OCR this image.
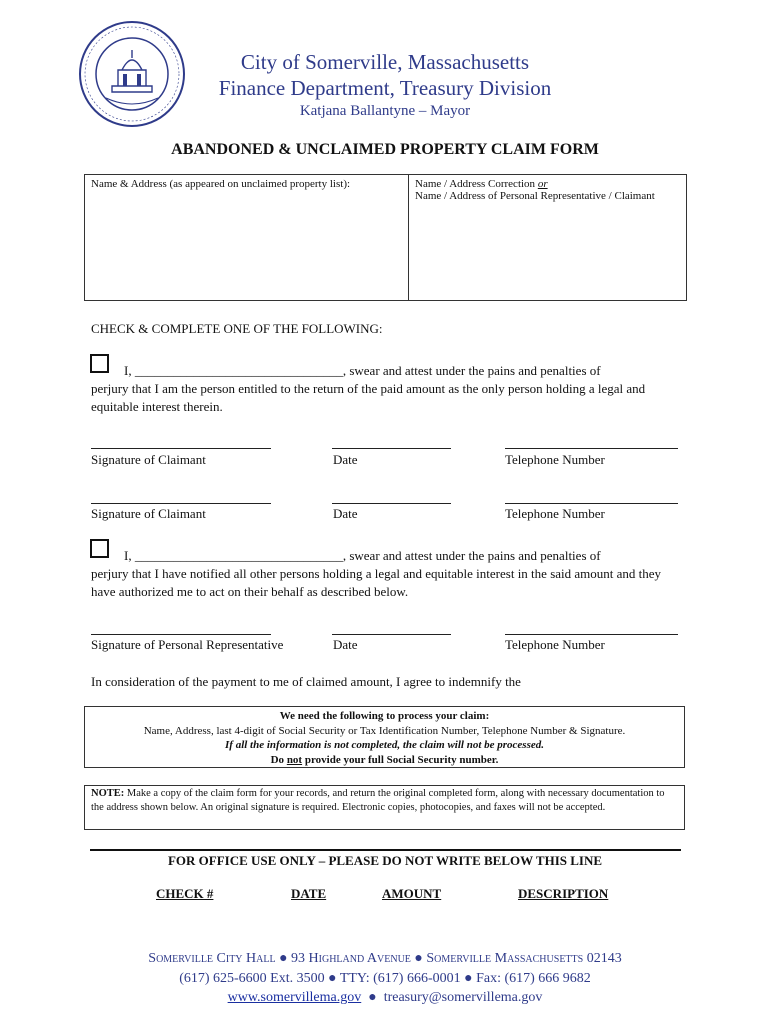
City of Somerville, Massachusetts
Finance Department, Treasury Division
Katjana Ballantyne – Mayor
ABANDONED & UNCLAIMED PROPERTY CLAIM FORM
Name & Address (as appeared on unclaimed property list):	Name / Address Correction or
Name / Address of Personal Representative / Claimant
CHECK & COMPLETE ONE OF THE FOLLOWING:
I, ________________________________, swear and attest under the pains and penalties of
perjury that I am the person entitled to the return of the paid amount as the only person holding a legal and equitable interest therein.
Signature of Claimant	Date	Telephone Number
Signature of Claimant	Date	Telephone Number
I, ________________________________, swear and attest under the pains and penalties of
perjury that I have notified all other persons holding a legal and equitable interest in the said amount and they have authorized me to act on their behalf as described below.
Signature of Personal Representative	Date	Telephone Number
In consideration of the payment to me of claimed amount, I agree to indemnify the
We need the following to process your claim:
Name, Address, last 4-digit of Social Security or Tax Identification Number, Telephone Number & Signature.
If all the information is not completed, the claim will not be processed.
Do not provide your full Social Security number.
NOTE: Make a copy of the claim form for your records, and return the original completed form, along with necessary documentation to the address shown below. An original signature is required. Electronic copies, photocopies, and faxes will not be accepted.
FOR OFFICE USE ONLY – PLEASE DO NOT WRITE BELOW THIS LINE
CHECK #	DATE	AMOUNT	DESCRIPTION
Somerville City Hall ● 93 Highland Avenue ● Somerville Massachusetts 02143
(617) 625-6600 Ext. 3500 ● TTY: (617) 666-0001 ● Fax: (617) 666 9682
www.somervillema.gov  ●  treasury@somervillema.gov
